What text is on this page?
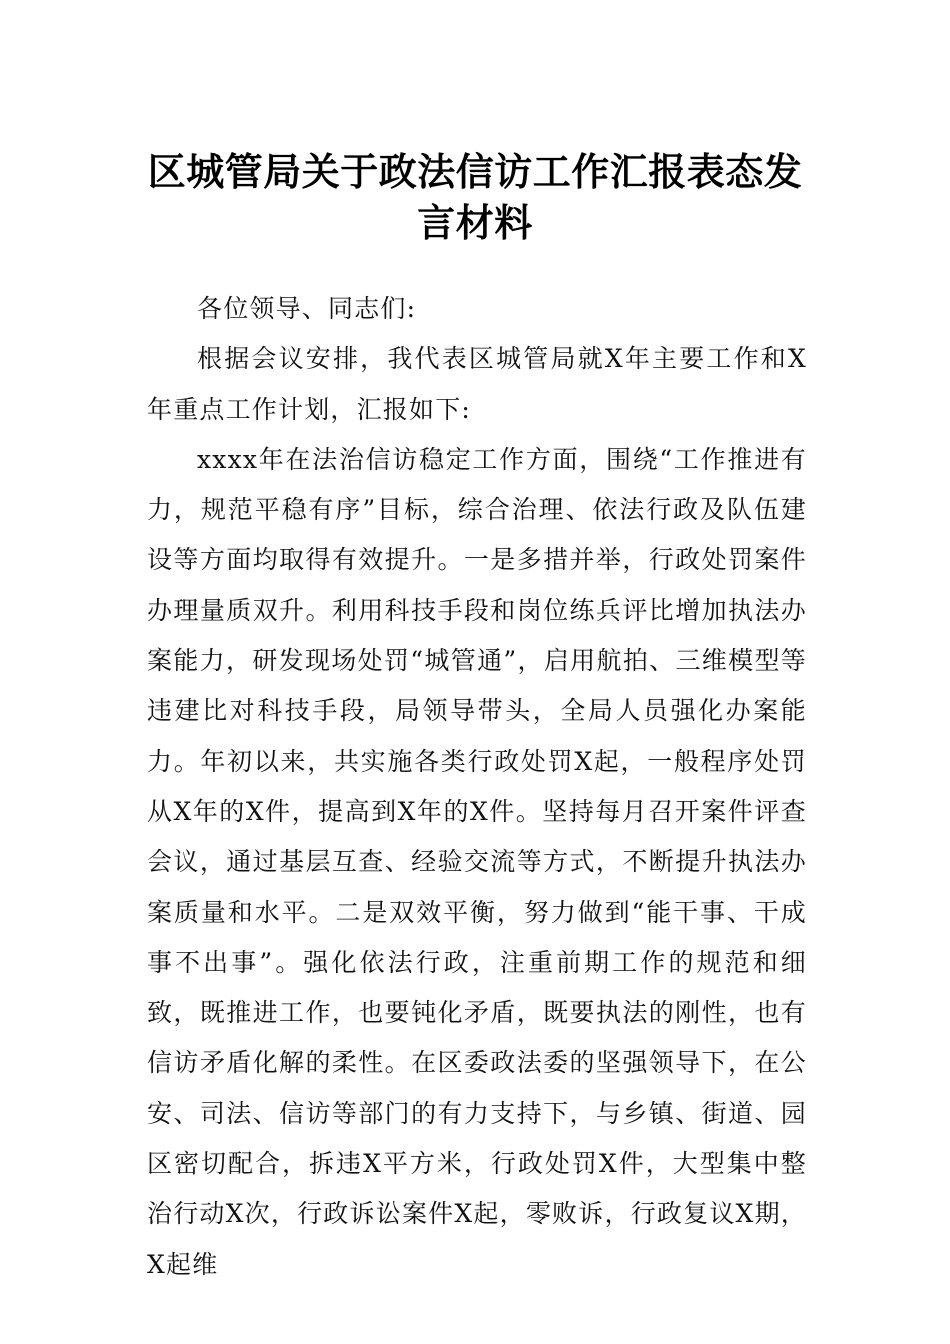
区城管局关于政法信访工作汇报表态发言材料

各位领导、同志们:

根据会议安排，我代表区城管局就X年主要工作和X年重点工作计划，汇报如下:

xxxx年在法治信访稳定工作方面，围绕“工作推进有力，规范平稳有序”目标，综合治理、依法行政及队伍建设等方面均取得有效提升。一是多措并举，行政处罚案件办理量质双升。利用科技手段和岗位练兵评比增加执法办案能力，研发现场处罚“城管通”，启用航拍、三维模型等违建比对科技手段，局领导带头，全局人员强化办案能力。年初以来，共实施各类行政处罚X起，一般程序处罚从X年的X件，提高到X年的X件。坚持每月召开案件评查会议，通过基层互查、经验交流等方式，不断提升执法办案质量和水平。二是双效平衡，努力做到“能干事、干成事不出事”。强化依法行政，注重前期工作的规范和细致，既推进工作，也要钝化矛盾，既要执法的刚性，也有信访矛盾化解的柔性。在区委政法委的坚强领导下，在公安、司法、信访等部门的有力支持下，与乡镇、街道、园区密切配合，拆违X平方米，行政处罚X件，大型集中整治行动X次，行政诉讼案件X起，零败诉，行政复议X期，X起维
